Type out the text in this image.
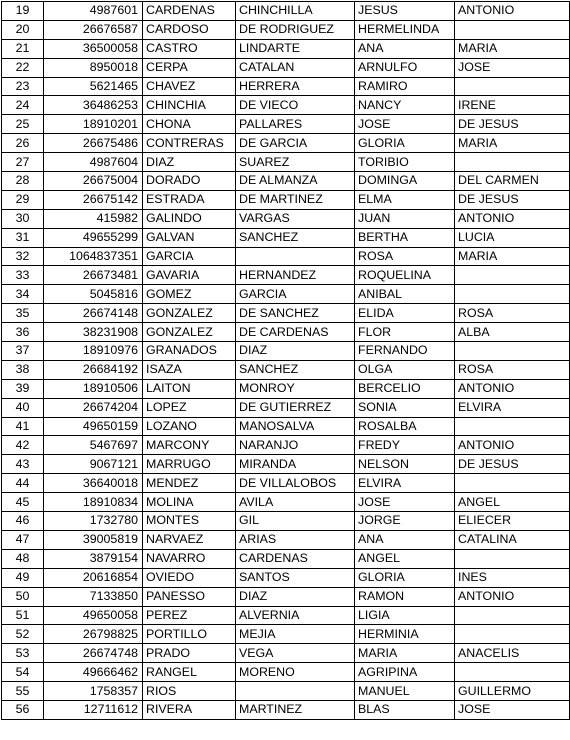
19	4987601	CARDENAS	CHINCHILLA	JESUS	ANTONIO
20	26676587	CARDOSO	DE RODRIGUEZ	HERMELINDA	
21	36500058	CASTRO	LINDARTE	ANA	MARIA
22	8950018	CERPA	CATALAN	ARNULFO	JOSE
23	5621465	CHAVEZ	HERRERA	RAMIRO	
24	36486253	CHINCHIA	DE VIECO	NANCY	IRENE
25	18910201	CHONA	PALLARES	JOSE	DE JESUS
26	26675486	CONTRERAS	DE GARCIA	GLORIA	MARIA
27	4987604	DIAZ	SUAREZ	TORIBIO	
28	26675004	DORADO	DE ALMANZA	DOMINGA	DEL CARMEN
29	26675142	ESTRADA	DE MARTINEZ	ELMA	DE JESUS
30	415982	GALINDO	VARGAS	JUAN	ANTONIO
31	49655299	GALVAN	SANCHEZ	BERTHA	LUCIA
32	1064837351	GARCIA		ROSA	MARIA
33	26673481	GAVARIA	HERNANDEZ	ROQUELINA	
34	5045816	GOMEZ	GARCIA	ANIBAL	
35	26674148	GONZALEZ	DE SANCHEZ	ELIDA	ROSA
36	38231908	GONZALEZ	DE CARDENAS	FLOR	ALBA
37	18910976	GRANADOS	DIAZ	FERNANDO	
38	26684192	ISAZA	SANCHEZ	OLGA	ROSA
39	18910506	LAITON	MONROY	BERCELIO	ANTONIO
40	26674204	LOPEZ	DE GUTIERREZ	SONIA	ELVIRA
41	49650159	LOZANO	MANOSALVA	ROSALBA	
42	5467697	MARCONY	NARANJO	FREDY	ANTONIO
43	9067121	MARRUGO	MIRANDA	NELSON	DE JESUS
44	36640018	MENDEZ	DE VILLALOBOS	ELVIRA	
45	18910834	MOLINA	AVILA	JOSE	ANGEL
46	1732780	MONTES	GIL	JORGE	ELIECER
47	39005819	NARVAEZ	ARIAS	ANA	CATALINA
48	3879154	NAVARRO	CARDENAS	ANGEL	
49	20616854	OVIEDO	SANTOS	GLORIA	INES
50	7133850	PANESSO	DIAZ	RAMON	ANTONIO
51	49650058	PEREZ	ALVERNIA	LIGIA	
52	26798825	PORTILLO	MEJIA	HERMINIA	
53	26674748	PRADO	VEGA	MARIA	ANACELIS
54	49666462	RANGEL	MORENO	AGRIPINA	
55	1758357	RIOS		MANUEL	GUILLERMO
56	12711612	RIVERA	MARTINEZ	BLAS	JOSE
